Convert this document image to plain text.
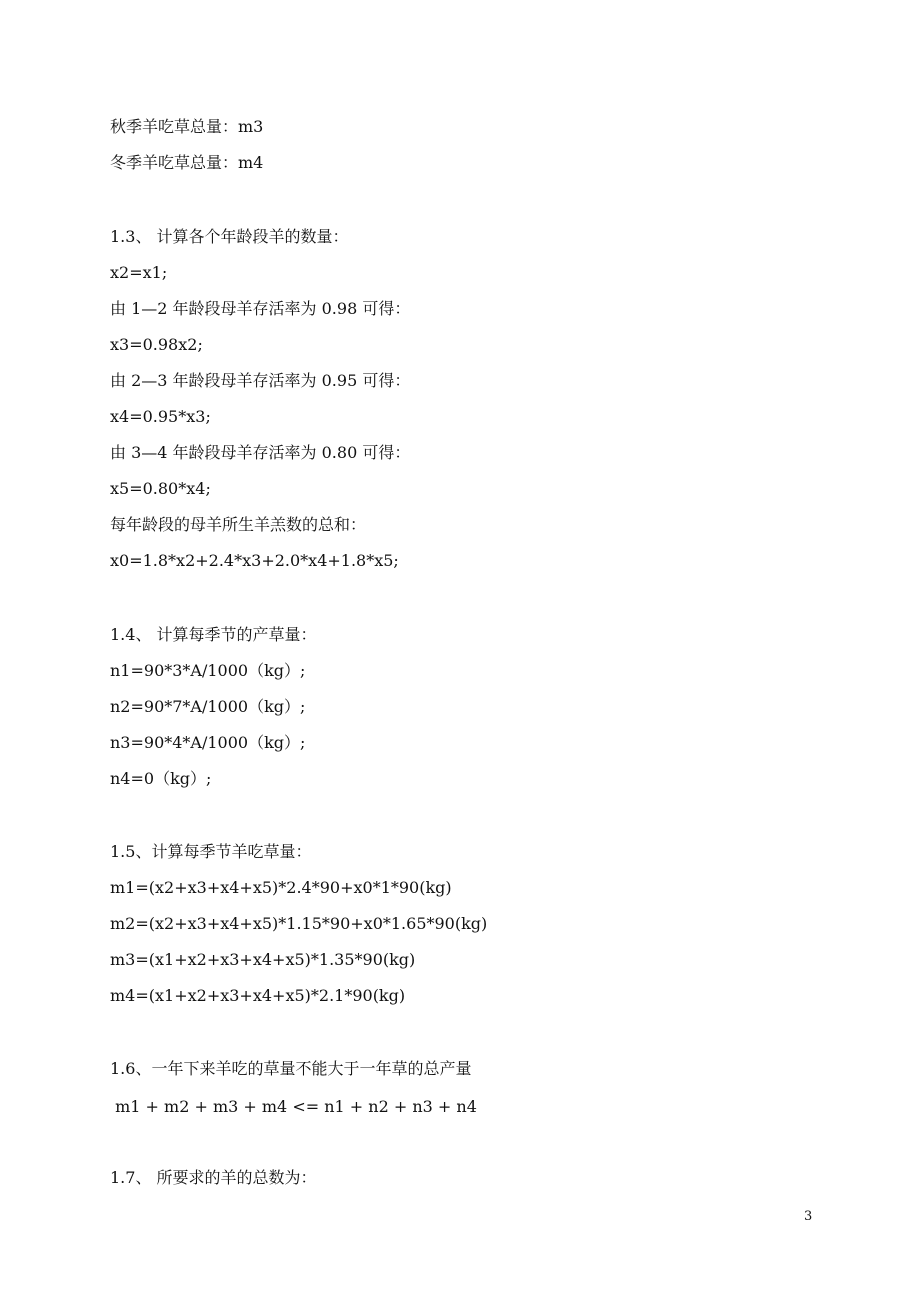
秋季羊吃草总量：m3
冬季羊吃草总量：m4
1.3、 计算各个年龄段羊的数量：
x2=x1;
由 1—2 年龄段母羊存活率为 0.98 可得：
x3=0.98x2;
由 2—3 年龄段母羊存活率为 0.95 可得：
x4=0.95*x3;
由 3—4 年龄段母羊存活率为 0.80 可得：
x5=0.80*x4;
每年龄段的母羊所生羊羔数的总和：
x0=1.8*x2+2.4*x3+2.0*x4+1.8*x5;
1.4、 计算每季节的产草量：
n1=90*3*A/1000（kg）;
n2=90*7*A/1000（kg）;
n3=90*4*A/1000（kg）;
n4=0（kg）;
1.5、计算每季节羊吃草量：
m1=(x2+x3+x4+x5)*2.4*90+x0*1*90(kg)
m2=(x2+x3+x4+x5)*1.15*90+x0*1.65*90(kg)
m3=(x1+x2+x3+x4+x5)*1.35*90(kg)
m4=(x1+x2+x3+x4+x5)*2.1*90(kg)
1.6、一年下来羊吃的草量不能大于一年草的总产量
m1 + m2 + m3 + m4 <= n1 + n2 + n3 + n4
1.7、 所要求的羊的总数为：
3
